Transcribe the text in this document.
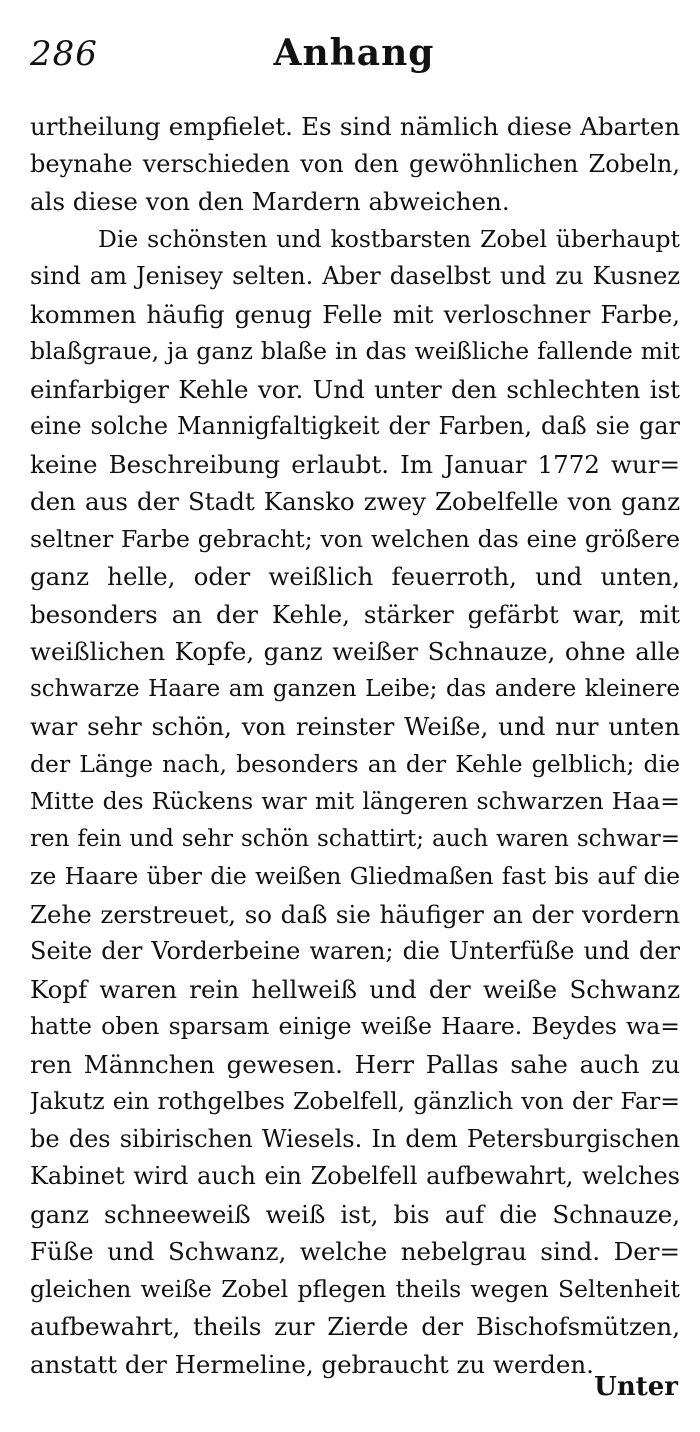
286	Anhang
urtheilung empfielet. Es sind nämlich diese Abarten
beynahe verschieden von den gewöhnlichen Zobeln,
als diese von den Mardern abweichen.
Die schönsten und kostbarsten Zobel überhaupt
sind am Jenisey selten. Aber daselbst und zu Kusnez
kommen häufig genug Felle mit verloschner Farbe,
blaßgraue, ja ganz blaße in das weißliche fallende mit
einfarbiger Kehle vor. Und unter den schlechten ist
eine solche Mannigfaltigkeit der Farben, daß sie gar
keine Beschreibung erlaubt. Im Januar 1772 wur=
den aus der Stadt Kansko zwey Zobelfelle von ganz
seltner Farbe gebracht; von welchen das eine größere
ganz helle, oder weißlich feuerroth, und unten,
besonders an der Kehle, stärker gefärbt war, mit
weißlichen Kopfe, ganz weißer Schnauze, ohne alle
schwarze Haare am ganzen Leibe; das andere kleinere
war sehr schön, von reinster Weiße, und nur unten
der Länge nach, besonders an der Kehle gelblich; die
Mitte des Rückens war mit längeren schwarzen Haa=
ren fein und sehr schön schattirt; auch waren schwar=
ze Haare über die weißen Gliedmaßen fast bis auf die
Zehe zerstreuet, so daß sie häufiger an der vordern
Seite der Vorderbeine waren; die Unterfüße und der
Kopf waren rein hellweiß und der weiße Schwanz
hatte oben sparsam einige weiße Haare. Beydes wa=
ren Männchen gewesen. Herr Pallas sahe auch zu
Jakutz ein rothgelbes Zobelfell, gänzlich von der Far=
be des sibirischen Wiesels. In dem Petersburgischen
Kabinet wird auch ein Zobelfell aufbewahrt, welches
ganz schneeweiß weiß ist, bis auf die Schnauze,
Füße und Schwanz, welche nebelgrau sind. Der=
gleichen weiße Zobel pflegen theils wegen Seltenheit
aufbewahrt, theils zur Zierde der Bischofsmützen,
anstatt der Hermeline, gebraucht zu werden.
Unter
